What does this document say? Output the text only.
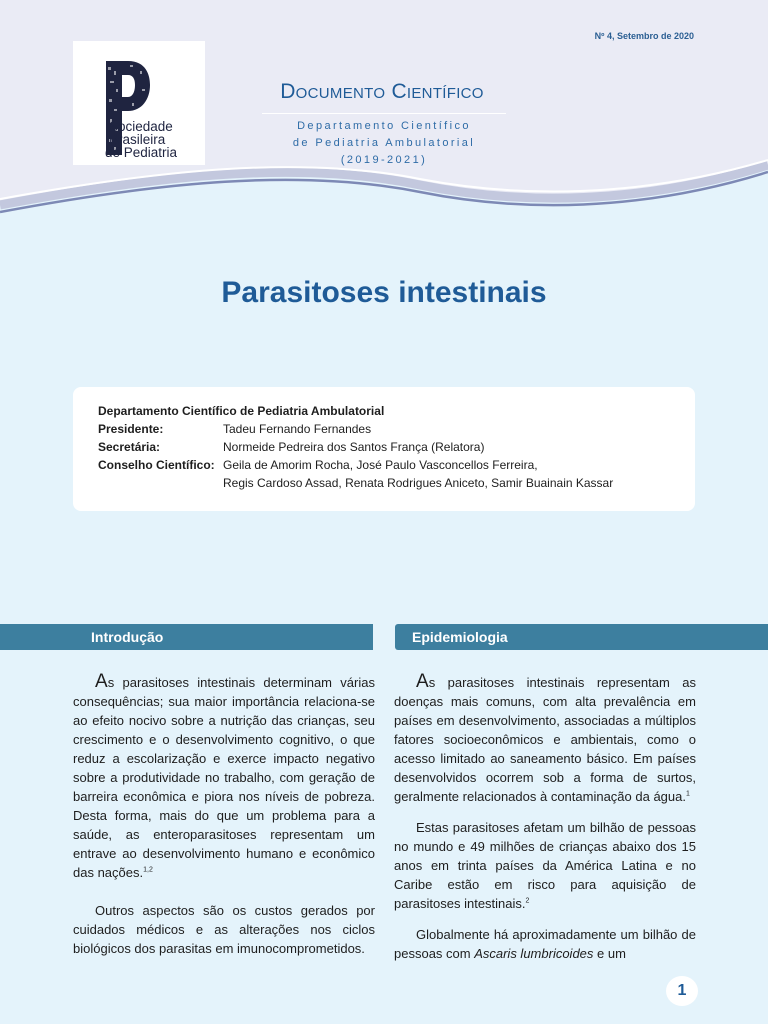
Sociedade
Brasileira
de Pediatria
Nº 4, Setembro de 2020
Documento Científico
Departamento Científico
de Pediatria Ambulatorial
(2019-2021)
Parasitoses intestinais
Departamento Científico de Pediatria Ambulatorial
Presidente:	Tadeu Fernando Fernandes
Secretária:	Normeide Pedreira dos Santos França (Relatora)
Conselho Científico: Geila de Amorim Rocha, José Paulo Vasconcellos Ferreira,
Regis Cardoso Assad, Renata Rodrigues Aniceto, Samir Buainain Kassar
Introdução	Epidemiologia

As parasitoses intestinais determinam várias consequências; sua maior importância relaciona-se ao efeito nocivo sobre a nutrição das crianças, seu crescimento e o desenvolvimento cognitivo, o que reduz a escolarização e exerce impacto negativo sobre a produtividade no trabalho, com geração de barreira econômica e piora nos níveis de pobreza. Desta forma, mais do que um problema para a saúde, as enteroparasitoses representam um entrave ao desenvolvimento humano e econômico das nações.$^{1,2}$

Outros aspectos são os custos gerados por cuidados médicos e as alterações nos ciclos biológicos dos parasitas em imunocomprometidos.

As parasitoses intestinais representam as doenças mais comuns, com alta prevalência em países em desenvolvimento, associadas a múltiplos fatores socioeconômicos e ambientais, como o acesso limitado ao saneamento básico. Em países desenvolvidos ocorrem sob a forma de surtos, geralmente relacionados à contaminação da água.$^1$

Estas parasitoses afetam um bilhão de pessoas no mundo e 49 milhões de crianças abaixo dos 15 anos em trinta países da América Latina e no Caribe estão em risco para aquisição de parasitoses intestinais.$^2$

Globalmente há aproximadamente um bilhão de pessoas com Ascaris lumbricoides e um

1
